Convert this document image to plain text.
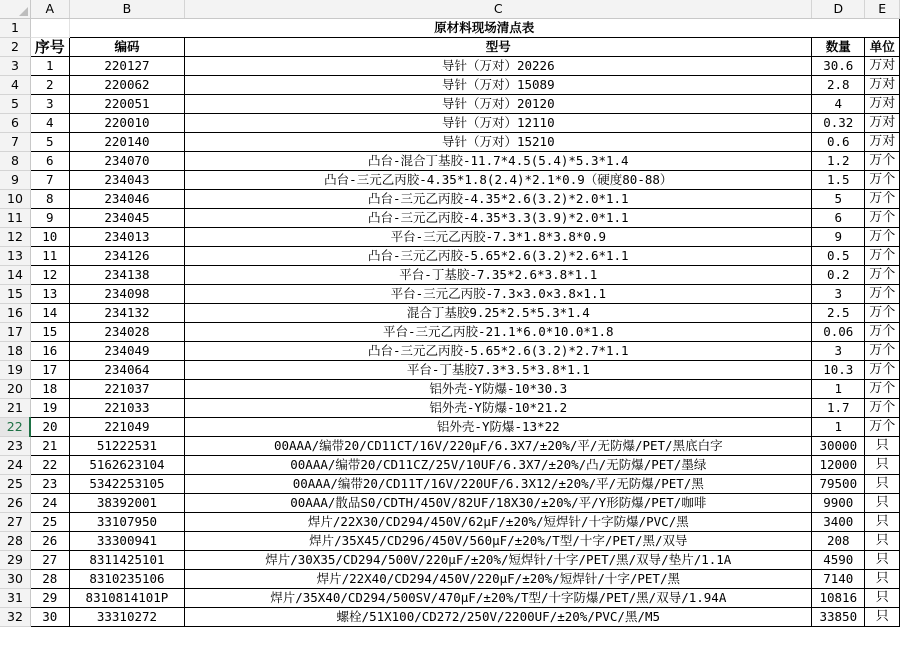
	A	B	C	D	E
1		原材料现场清点表			
2	序号	编码	型号	数量	单位
3	1	220127	导针（万对）20226	30.6	万对
4	2	220062	导针（万对）15089	2.8	万对
5	3	220051	导针（万对）20120	4	万对
6	4	220010	导针（万对）12110	0.32	万对
7	5	220140	导针（万对）15210	0.6	万对
8	6	234070	凸台-混合丁基胶-11.7*4.5(5.4)*5.3*1.4	1.2	万个
9	7	234043	凸台-三元乙丙胶-4.35*1.8(2.4)*2.1*0.9（硬度80-88）	1.5	万个
10	8	234046	凸台-三元乙丙胶-4.35*2.6(3.2)*2.0*1.1	5	万个
11	9	234045	凸台-三元乙丙胶-4.35*3.3(3.9)*2.0*1.1	6	万个
12	10	234013	平台-三元乙丙胶-7.3*1.8*3.8*0.9	9	万个
13	11	234126	凸台-三元乙丙胶-5.65*2.6(3.2)*2.6*1.1	0.5	万个
14	12	234138	平台-丁基胶-7.35*2.6*3.8*1.1	0.2	万个
15	13	234098	平台-三元乙丙胶-7.3×3.0×3.8×1.1	3	万个
16	14	234132	混合丁基胶9.25*2.5*5.3*1.4	2.5	万个
17	15	234028	平台-三元乙丙胶-21.1*6.0*10.0*1.8	0.06	万个
18	16	234049	凸台-三元乙丙胶-5.65*2.6(3.2)*2.7*1.1	3	万个
19	17	234064	平台-丁基胶7.3*3.5*3.8*1.1	10.3	万个
20	18	221037	铝外壳-Y防爆-10*30.3	1	万个
21	19	221033	铝外壳-Y防爆-10*21.2	1.7	万个
22	20	221049	铝外壳-Y防爆-13*22	1	万个
23	21	51222531	00AAA/编带20/CD11CT/16V/220μF/6.3X7/±20%/平/无防爆/PET/黑底白字	30000	只
24	22	5162623104	00AAA/编带20/CD11CZ/25V/10UF/6.3X7/±20%/凸/无防爆/PET/墨绿	12000	只
25	23	5342253105	00AAA/编带20/CD11T/16V/220UF/6.3X12/±20%/平/无防爆/PET/黑	79500	只
26	24	38392001	00AAA/散品S0/CDTH/450V/82UF/18X30/±20%/平/Y形防爆/PET/咖啡	9900	只
27	25	33107950	焊片/22X30/CD294/450V/62μF/±20%/短焊针/十字防爆/PVC/黑	3400	只
28	26	33300941	焊片/35X45/CD296/450V/560μF/±20%/T型/十字/PET/黑/双导	208	只
29	27	8311425101	焊片/30X35/CD294/500V/220μF/±20%/短焊针/十字/PET/黑/双导/垫片/1.1A	4590	只
30	28	8310235106	焊片/22X40/CD294/450V/220μF/±20%/短焊针/十字/PET/黑	7140	只
31	29	8310814101P	焊片/35X40/CD294/500SV/470μF/±20%/T型/十字防爆/PET/黑/双导/1.94A	10816	只
32	30	33310272	螺栓/51X100/CD272/250V/2200UF/±20%/PVC/黑/M5	33850	只
